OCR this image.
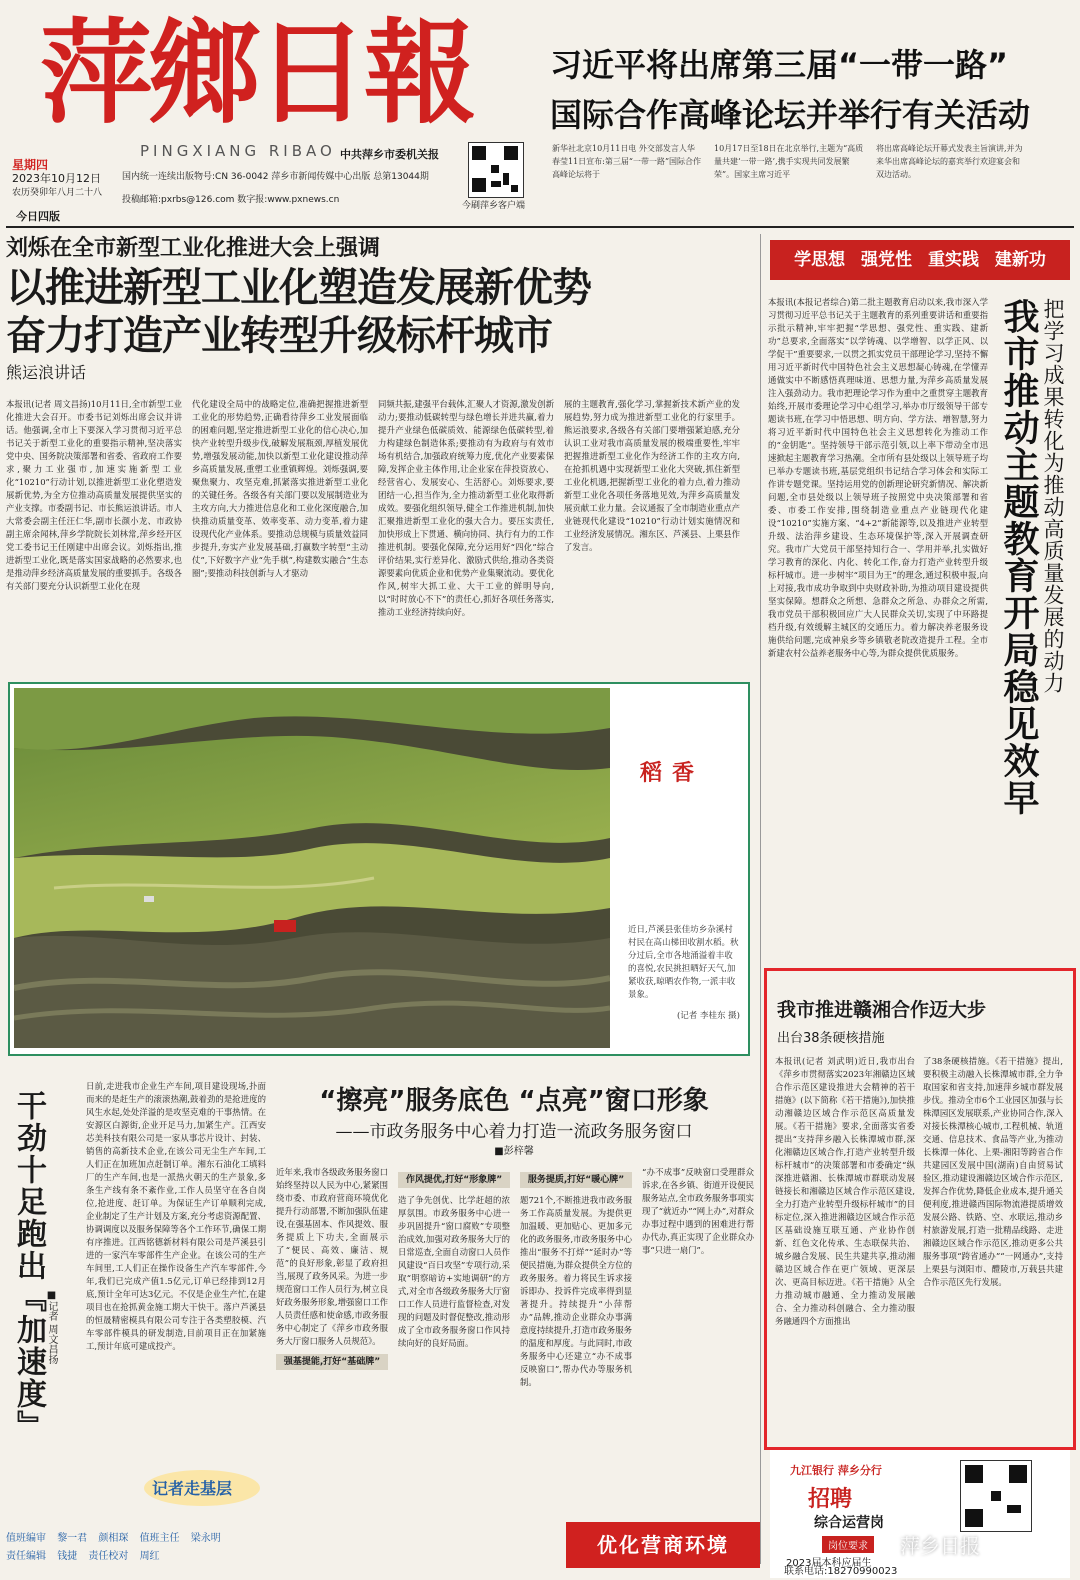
萍鄉日報
PINGXIANG RIBAO 中共萍乡市委机关报
星期四
2023年10月12日
农历癸卯年八月二十八
今日四版
国内统一连续出版物号:CN 36-0042 萍乡市新闻传媒中心出版 总第13044期
投稿邮箱:pxrbs@126.com 数字报:www.pxnews.cn
今刷萍乡客户端
习近平将出席第三届“一带一路”
国际合作高峰论坛并举行有关活动
新华社北京10月11日电 外交部发言人华春莹11日宣布:第三届“一带一路”国际合作高峰论坛将于
10月17日至18日在北京举行,主题为“高质量共建‘一带一路’,携手实现共同发展繁荣”。国家主席习近平
将出席高峰论坛开幕式发表主旨演讲,并为来华出席高峰论坛的嘉宾举行欢迎宴会和双边活动。
刘烁在全市新型工业化推进大会上强调
以推进新型工业化塑造发展新优势
奋力打造产业转型升级标杆城市
熊运浪讲话
本报讯(记者 周文昌扬)10月11日,全市新型工业化推进大会召开。市委书记刘烁出席会议并讲话。他强调,全市上下要深入学习贯彻习近平总书记关于新型工业化的重要指示精神,坚决落实党中央、国务院决策部署和省委、省政府工作要求,聚力工业强市,加速实施新型工业化“10210”行动计划,以推进新型工业化塑造发展新优势,为全方位推动高质量发展提供坚实的产业支撑。市委副书记、市长熊运浪讲话。市人大常委会副主任汪仁华,副市长颜小龙、市政协副主席余闻林,萍乡学院院长刘林常,萍乡经开区党工委书记王任刚建中出席会议。刘烁指出,推进新型工业化,既是落实国家战略的必然要求,也是推动萍乡经济高质量发展的重要抓手。各级各有关部门要充分认识新型工业化在现
代化建设全局中的战略定位,准确把握推进新型工业化的形势趋势,正确看待萍乡工业发展面临的困难问题,坚定推进新型工业化的信心决心,加快产业转型升级步伐,破解发展瓶颈,厚植发展优势,增强发展动能,加快以新型工业化建设推动萍乡高质量发展,重塑工业重镇辉煌。刘烁强调,要聚焦聚力、攻坚克难,抓紧落实推进新型工业化的关键任务。各级各有关部门要以发展制造业为主攻方向,大力推进信息化和工业化深度融合,加快推动质量变革、效率变革、动力变革,着力建设现代化产业体系。要推动总规模与质量效益同步提升,夯实产业发展基础,打赢数字转型“主动仗”,下好数字产业“先手棋”,构建数实融合“生态圈”;要推动科技创新与人才驱动
同频共振,建强平台载体,汇聚人才资源,激发创新动力;要推动低碳转型与绿色增长并进共赢,着力提升产业绿色低碳质效、能源绿色低碳转型,着力构建绿色制造体系;要推动有为政府与有效市场有机结合,加强政府统筹力度,优化产业要素保障,发挥企业主体作用,让企业家在萍投资放心、经营省心、发展安心、生活舒心。刘烁要求,要团结一心,担当作为,全力推动新型工业化取得新成效。要强化组织领导,健全工作推进机制,加快汇聚推进新型工业化的强大合力。要压实责任,加快形成上下贯通、横向协同、执行有力的工作推进机制。要强化保障,充分运用好“四化”综合评价结果,实行差异化、激励式供给,推动各类资源要素向优质企业和优势产业集聚流动。要优化作风,树牢大抓工业、大干工业的鲜明导向,以“时时放心不下”的责任心,抓好各项任务落实,推动工业经济持续向好。
展的主题教育,强化学习,掌握新技术新产业的发展趋势,努力成为推进新型工业化的行家里手。熊运浪要求,各级各有关部门要增强紧迫感,充分认识工业对我市高质量发展的极端重要性,牢牢把握推进新型工业化作为经济工作的主攻方向,在抢抓机遇中实现新型工业化大突破,抓住新型工业化机遇,把握新型工业化的着力点,着力推动新型工业化各项任务落地见效,为萍乡高质量发展贡献工业力量。会议通报了全市制造业重点产业链现代化建设“10210”行动计划实施情况和工业经济发展情况。湘东区、芦溪县、上栗县作了发言。
稻香
近日,芦溪县张佳坊乡杂溪村村民在高山梯田收割水稻。秋分过后,全市各地涌溢着丰收的喜悦,农民挑担晒好天气,加紧收获,晾晒农作物,一派丰收景象。
(记者 李桂东 摄)
学思想 强党性 重实践 建新功
本报讯(本报记者综合)第二批主题教育启动以来,我市深入学习贯彻习近平总书记关于主题教育的系列重要讲话和重要指示批示精神,牢牢把握“学思想、强党性、重实践、建新功”总要求,全面落实“以学铸魂、以学增智、以学正风、以学促干”重要要求,一以贯之抓实党员干部理论学习,坚持不懈用习近平新时代中国特色社会主义思想凝心铸魂,在学懂弄通做实中不断感悟真理味道、思想力量,为萍乡高质量发展注入强劲动力。我市把理论学习作为重中之重贯穿主题教育始终,开展市委理论学习中心组学习,举办市厅级领导干部专题读书班,在学习中悟思想、明方向、学方法、增智慧,努力将习近平新时代中国特色社会主义思想转化为推动工作的“金钥匙”。坚持领导干部示范引领,以上率下带动全市迅速掀起主题教育学习热潮。全市所有县处级以上领导班子均已举办专题读书班,基层党组织书记结合学习体会和实际工作讲专题党课。坚持运用党的创新理论研究新情况、解决新问题,全市县处级以上领导班子按照党中央决策部署和省委、市委工作安排,围绕制造业重点产业链现代化建设“10210”实施方案、“4+2”新能源等,以及推进产业转型升级、法治萍乡建设、生态环境保护等,深入开展调查研究。我市广大党员干部坚持知行合一、学用并举,扎实做好学习教育的深化、内化、转化工作,奋力打造产业转型升级标杆城市。进一步树牢“项目为王”的理念,通过积极申报,向上对接,我市成功争取到中央财政补助,为推动项目建设提供坚实保障。想群众之所想、急群众之所急、办群众之所需,我市党员干部积极回应广大人民群众关切,实现了中环路提档升级,有效缓解主城区的交通压力。着力解决养老服务设施供给问题,完成神泉乡等乡镇敬老院改造提升工程。全市新建农村公益养老服务中心等,为群众提供优质服务。	把学习成果转化为推动高质量发展的动力
我市推动主题教育开局稳见效早
我市推进赣湘合作迈大步
出台38条硬核措施
本报讯(记者 刘武明)近日,我市出台《萍乡市贯彻落实2023年湘赣边区域合作示范区建设推进大会精神的若干措施》(以下简称《若干措施》),加快推动湘赣边区域合作示范区高质量发展。《若干措施》要求,全面落实省委提出“支持萍乡融入长株潭城市群,深化湘赣边区域合作,打造产业转型升级标杆城市”的决策部署和市委确定“纵深推进赣湘、长株潭城市群联动发展链接长和湘赣边区域合作示范区建设,全力打造产业转型升级标杆城市”的目标定位,深入推进湘赣边区域合作示范区基础设施互联互通、产业协作创新、红色文化传承、生态联保共治、城乡融合发展、民生共建共享,推动湘赣边区域合作在更广领域、更深层次、更高目标迈进。《若干措施》从全力推动城市融通、全力推动发展融合、全力推动科创融合、全力推动服务融通四个方面推出
了38条硬核措施。《若干措施》提出,要积极主动融入长株潭城市群,全力争取国家和省支持,加速萍乡城市群发展步伐。推动全市6个工业园区加强与长株潭园区发展联系,产业协同合作,深入对接长株潭核心城市,工程机械、轨道交通、信息技术、食品等产业,为推动长株潭一体化、上栗-湘阳等跨省合作共建园区发展中国(湖南)自由贸易试验区,推动建设湘赣边区域合作示范区,发挥合作优势,降低企业成本,提升通关便利度,推进赣西国际物流港提质增效发展公路、铁路、空、水联运,推动乡村旅游发展,打造一批精品线路、走进湘赣边区域合作示范区,推动更多公共服务事项“跨省通办”“一网通办”,支持上栗县与浏阳市、醴陵市,万载县共建合作示范区先行发展。
干劲十足跑出『加速度』 ■记者 周文昌扬
日前,走进我市企业生产车间,项目建设现场,扑面而来的是赶生产的滚滚热潮,鼓着劲的是抢进度的风生水起,处处洋溢的是攻坚克难的干事热情。在安源区白源街,企业开足马力,加紧生产。江西安芯美科技有限公司是一家从事芯片设计、封装、销售的高新技术企业,在该公司无尘生产车间,工人们正在加班加点赶制订单。湘东石油化工填料厂的生产车间,也是一派热火朝天的生产景象,多条生产线有条不紊作业,工作人员坚守在各自岗位,抢进度、赶订单。为保证生产订单顺利完成,企业制定了生产计划及方案,充分考虑资源配置、协调调度以及服务保障等各个工作环节,确保工期有序推进。江西铭德新材料有限公司是芦溪县引进的一家汽车零部件生产企业。在该公司的生产车间里,工人们正在操作设备生产汽车零部件,今年,我们已完成产值1.5亿元,订单已经排到12月底,预计全年可达3亿元。不仅是企业生产忙,在建项目也在抢抓黄金施工期大干快干。落户芦溪县的恒晟精密模具有限公司专注于各类塑胶模、汽车零部件模具的研发制造,目前项目正在加紧施工,预计年底可建成投产。
记者走基层
“擦亮”服务底色 “点亮”窗口形象
——市政务服务中心着力打造一流政务服务窗口
■彭梓馨
近年来,我市各级政务服务窗口始终坚持以人民为中心,紧紧围绕市委、市政府营商环境优化提升行动部署,不断加强队伍建设,在强基固本、作风提效、服务提质上下功夫,全面展示了“便民、高效、廉洁、规范”的良好形象,彰显了政府担当,展现了政务风采。为进一步规范窗口工作人员行为,树立良好政务服务形象,增强窗口工作人员责任感和使命感,市政务服务中心制定了《萍乡市政务服务大厅窗口服务人员规范》。
强基提能,打好“基础牌”
作风提优,打好“形象牌”
造了争先创优、比学赶超的浓厚氛围。市政务服务中心进一步巩固提升“窗口腐败”专项整治成效,加强对政务服务大厅的日常巡查,全面自动窗口人员作风建设“百日攻坚”专项行动,采取“明察暗访+实地调研”的方式,对全市各级政务服务大厅窗口工作人员进行监督检查,对发现的问题及时督促整改,推动形成了全市政务服务窗口作风持续向好的良好局面。
服务提质,打好“暖心牌”
题721个,不断推进我市政务服务工作高质量发展。为提供更加温暖、更加贴心、更加多元化的政务服务,市政务服务中心推出“服务不打烊”“延时办”等便民措施,为群众提供全方位的政务服务。着力将民生诉求接诉即办、投诉件完成率得到显著提升。持续提升“小萍帮办”品牌,推动企业群众办事满意度持续提升,打造市政务服务的温度和厚度。与此同时,市政务服务中心还建立“办不成事反映窗口”,帮办代办等服务机制。
“办不成事”反映窗口受理群众诉求,在各乡镇、街道开设便民服务站点,全市政务服务事项实现了“就近办”“网上办”,对群众办事过程中遇到的困难进行帮办代办,真正实现了企业群众办事“只进一扇门”。
优化营商环境
值班编审 黎一君 颜相琛 值班主任 梁永明
责任编辑 钱捷 责任校对 周红
九江银行 萍乡分行
招聘
综合运营岗
岗位要求
2023届本科应届生
联系电话:18270990023
萍乡日报
